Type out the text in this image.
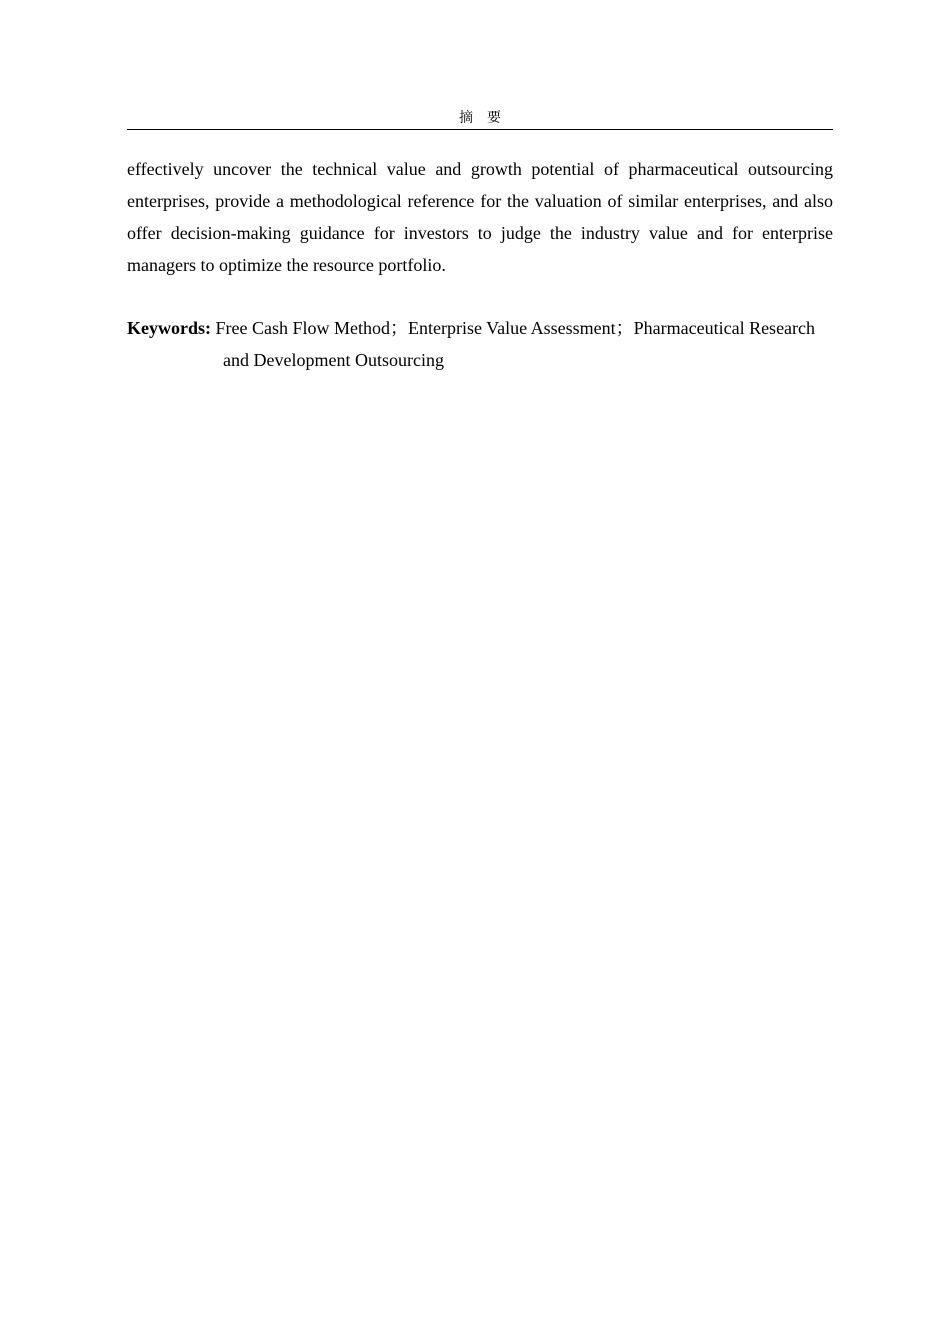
摘　要

effectively uncover the technical value and growth potential of pharmaceutical outsourcing enterprises, provide a methodological reference for the valuation of similar enterprises, and also offer decision-making guidance for investors to judge the industry value and for enterprise managers to optimize the resource portfolio.

Keywords: Free Cash Flow Method；Enterprise Value Assessment；Pharmaceutical Research
and Development Outsourcing
